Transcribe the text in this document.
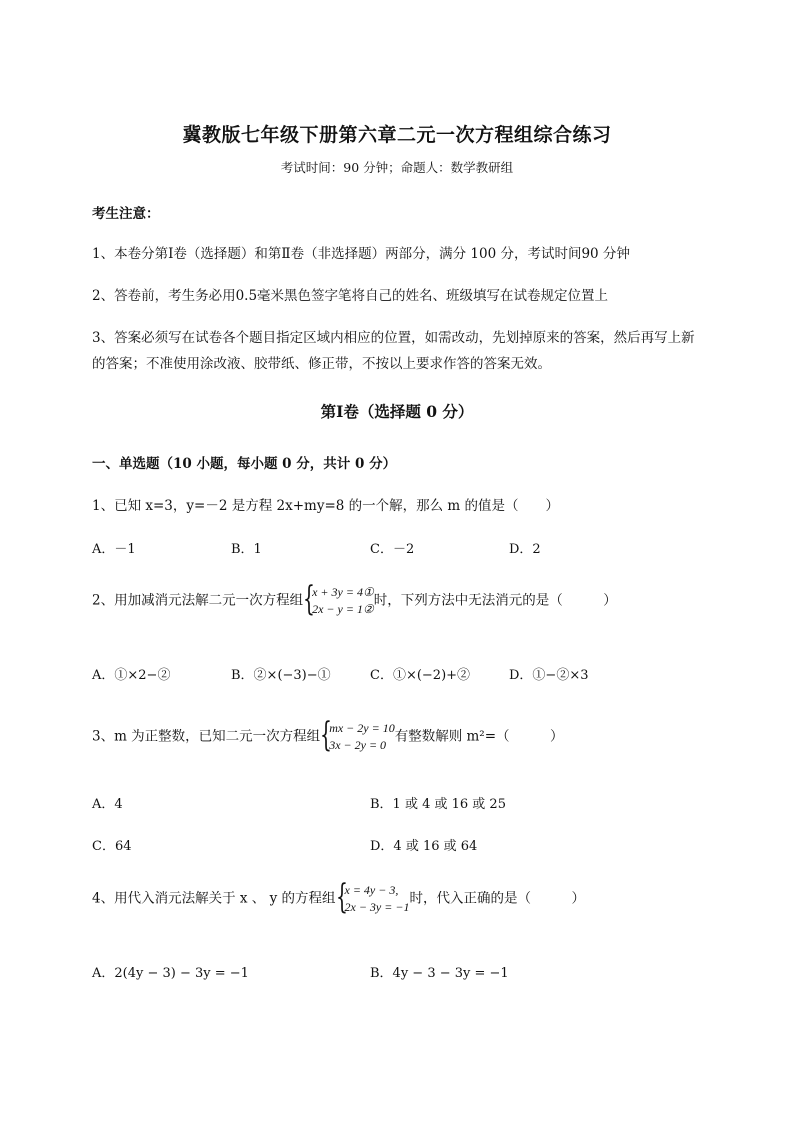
冀教版七年级下册第六章二元一次方程组综合练习
考试时间：90 分钟；命题人：数学教研组
考生注意：
1、本卷分第Ⅰ卷（选择题）和第Ⅱ卷（非选择题）两部分，满分 100 分，考试时间90 分钟
2、答卷前，考生务必用0.5毫米黑色签字笔将自己的姓名、班级填写在试卷规定位置上
3、答案必须写在试卷各个题目指定区域内相应的位置，如需改动，先划掉原来的答案，然后再写上新
的答案；不准使用涂改液、胶带纸、修正带，不按以上要求作答的答案无效。
第Ⅰ卷（选择题 0 分）
一、单选题（10 小题，每小题 0 分，共计 0 分）
1、已知 x=3，y=－2 是方程 2x+my=8 的一个解，那么 m 的值是（　　）
A．－1	B．1	C．－2	D．2
2、用加减消元法解二元一次方程组 {
x + 3y = 4①
2x − y = 1②
时，下列方法中无法消元的是（　　　）
A．①×2−②	B．②×(−3)−①	C．①×(−2)+②	D．①−②×3
3、m 为正整数，已知二元一次方程组 {
mx − 2y = 10
3x − 2y = 0
有整数解则 m²=（　　　）
A．4	B．1 或 4 或 16 或 25
C．64	D．4 或 16 或 64
4、用代入消元法解关于 x 、 y 的方程组 {
x = 4y − 3,
2x − 3y = −1
时，代入正确的是（　　　）
A．2(4y − 3) − 3y = −1	B．4y − 3 − 3y = −1
